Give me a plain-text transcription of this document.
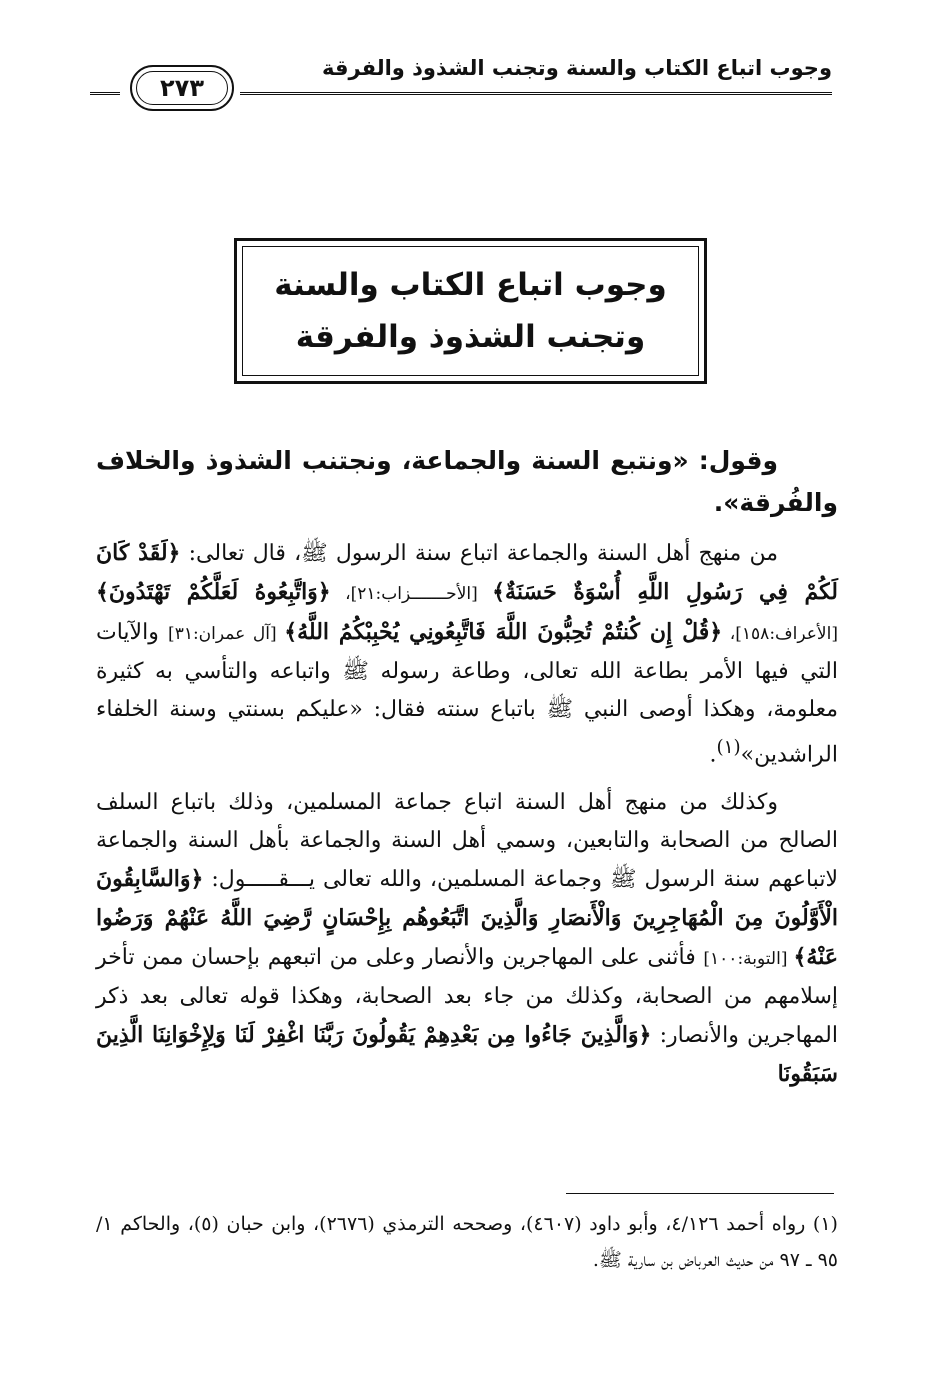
وجوب اتباع الكتاب والسنة وتجنب الشذوذ والفرقة
٢٧٣
وجوب اتباع الكتاب والسنة
وتجنب الشذوذ والفرقة

وقول: «ونتبع السنة والجماعة، ونجتنب الشذوذ والخلاف والفُرقة».

من منهج أهل السنة والجماعة اتباع سنة الرسول ﷺ، قال تعالى: ﴿لَقَدْ كَانَ لَكُمْ فِي رَسُولِ اللَّهِ أُسْوَةٌ حَسَنَةٌ﴾ [الأحـــــــزاب:٢١]، ﴿وَاتَّبِعُوهُ لَعَلَّكُمْ تَهْتَدُونَ﴾ [الأعراف:١٥٨]، ﴿قُلْ إِن كُنتُمْ تُحِبُّونَ اللَّهَ فَاتَّبِعُونِي يُحْبِبْكُمُ اللَّهُ﴾ [آل عمران:٣١] والآيات التي فيها الأمر بطاعة الله تعالى، وطاعة رسوله ﷺ واتباعه والتأسي به كثيرة معلومة، وهكذا أوصى النبي ﷺ باتباع سنته فقال: «عليكم بسنتي وسنة الخلفاء الراشدين»$^{(١)}$.

وكذلك من منهج أهل السنة اتباع جماعة المسلمين، وذلك باتباع السلف الصالح من الصحابة والتابعين، وسمي أهل السنة والجماعة بأهل السنة والجماعة لاتباعهم سنة الرسول ﷺ وجماعة المسلمين، والله تعالى يـــقـــــول: ﴿وَالسَّابِقُونَ الْأَوَّلُونَ مِنَ الْمُهَاجِرِينَ وَالْأَنصَارِ وَالَّذِينَ اتَّبَعُوهُم بِإِحْسَانٍ رَّضِيَ اللَّهُ عَنْهُمْ وَرَضُوا عَنْهُ﴾ [التوبة:١٠٠] فأثنى على المهاجرين والأنصار وعلى من اتبعهم بإحسان ممن تأخر إسلامهم من الصحابة، وكذلك من جاء بعد الصحابة، وهكذا قوله تعالى بعد ذكر المهاجرين والأنصار: ﴿وَالَّذِينَ جَاءُوا مِن بَعْدِهِمْ يَقُولُونَ رَبَّنَا اغْفِرْ لَنَا وَلِإِخْوَانِنَا الَّذِينَ سَبَقُونَا

(١) رواه أحمد ٤/١٢٦، وأبو داود (٤٦٠٧)، وصححه الترمذي (٢٦٧٦)، وابن حبان (٥)، والحاكم ١/ ٩٥ ـ ٩٧ من حديث العرباض بن سارية ﷺ.
